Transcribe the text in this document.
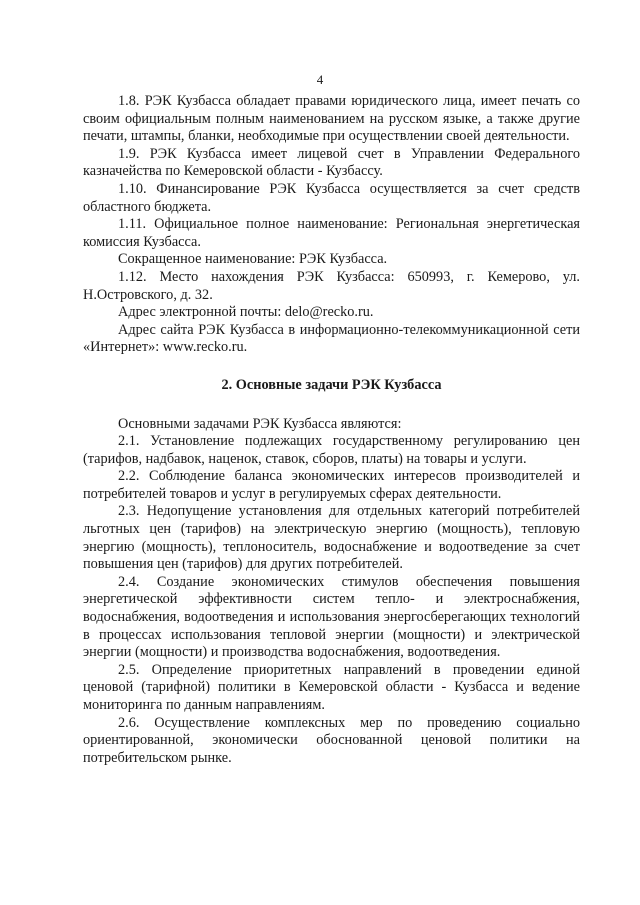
4

1.8. РЭК Кузбасса обладает правами юридического лица, имеет печать со своим официальным полным наименованием на русском языке, а также другие печати, штампы, бланки, необходимые при осуществлении своей деятельности.

1.9. РЭК Кузбасса имеет лицевой счет в Управлении Федерального казначейства по Кемеровской области - Кузбассу.

1.10. Финансирование РЭК Кузбасса осуществляется за счет средств областного бюджета.

1.11. Официальное полное наименование: Региональная энергетическая комиссия Кузбасса.

Сокращенное наименование: РЭК Кузбасса.

1.12. Место нахождения РЭК Кузбасса: 650993, г. Кемерово, ул. Н.Островского, д. 32.

Адрес электронной почты: delo@recko.ru.

Адрес сайта РЭК Кузбасса в информационно-телекоммуникационной сети «Интернет»: www.recko.ru.

2. Основные задачи РЭК Кузбасса

Основными задачами РЭК Кузбасса являются:

2.1. Установление подлежащих государственному регулированию цен (тарифов, надбавок, наценок, ставок, сборов, платы) на товары и услуги.

2.2. Соблюдение баланса экономических интересов производителей и потребителей товаров и услуг в регулируемых сферах деятельности.

2.3. Недопущение установления для отдельных категорий потребителей льготных цен (тарифов) на электрическую энергию (мощность), тепловую энергию (мощность), теплоноситель, водоснабжение и водоотведение за счет повышения цен (тарифов) для других потребителей.

2.4. Создание экономических стимулов обеспечения повышения энергетической эффективности систем тепло- и электроснабжения, водоснабжения, водоотведения и использования энергосберегающих технологий в процессах использования тепловой энергии (мощности) и электрической энергии (мощности) и производства водоснабжения, водоотведения.

2.5. Определение приоритетных направлений в проведении единой ценовой (тарифной) политики в Кемеровской области - Кузбасса и ведение мониторинга по данным направлениям.

2.6. Осуществление комплексных мер по проведению социально ориентированной, экономически обоснованной ценовой политики на потребительском рынке.
